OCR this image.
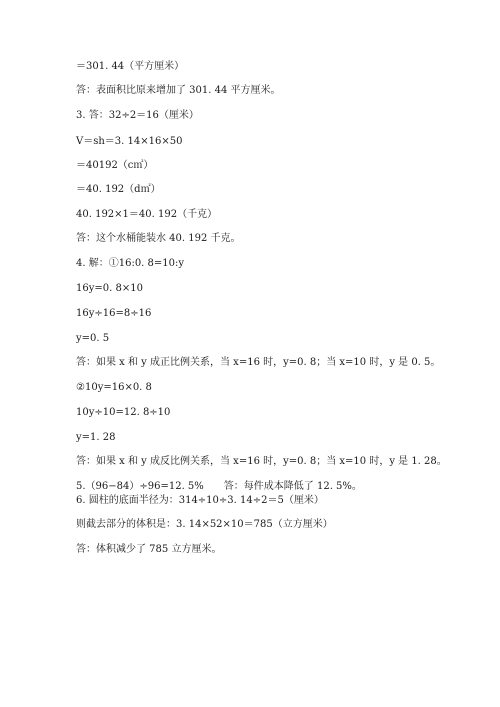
＝301. 44（平方厘米）
答：表面积比原来增加了 301. 44 平方厘米。
3. 答：32÷2＝16（厘米）
V＝sh＝3. 14×16×50
＝40192（c㎡）
＝40. 192（d㎡）
40. 192×1＝40. 192（千克）
答：这个水桶能装水 40. 192 千克。
4. 解：①16:0. 8=10:y
16y=0. 8×10
16y÷16=8÷16
y=0. 5
答：如果 x 和 y 成正比例关系，当 x=16 时，y=0. 8；当 x=10 时，y 是 0. 5。
②10y=16×0. 8
10y÷10=12. 8÷10
y=1. 28
答：如果 x 和 y 成反比例关系，当 x=16 时，y=0. 8；当 x=10 时，y 是 1. 28。
5.（96−84）÷96=12. 5%　　答：每件成本降低了 12. 5%。
6. 圆柱的底面半径为：314÷10÷3. 14÷2＝5（厘米）
则截去部分的体积是：3. 14×52×10＝785（立方厘米）
答：体积减少了 785 立方厘米。
